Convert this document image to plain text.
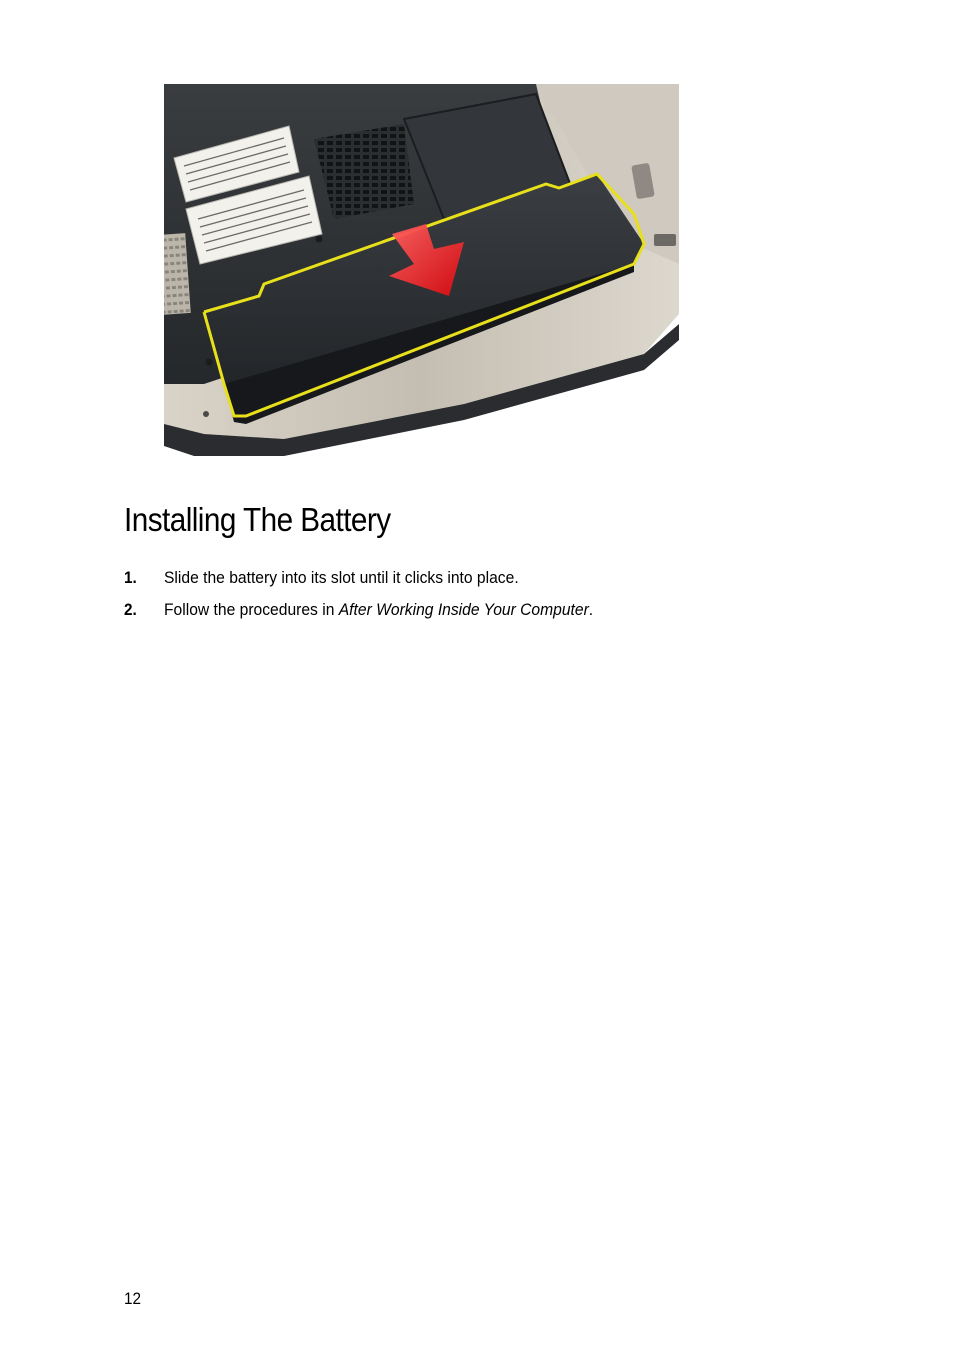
Installing The Battery
1. Slide the battery into its slot until it clicks into place.
2. Follow the procedures in After Working Inside Your Computer.
12
